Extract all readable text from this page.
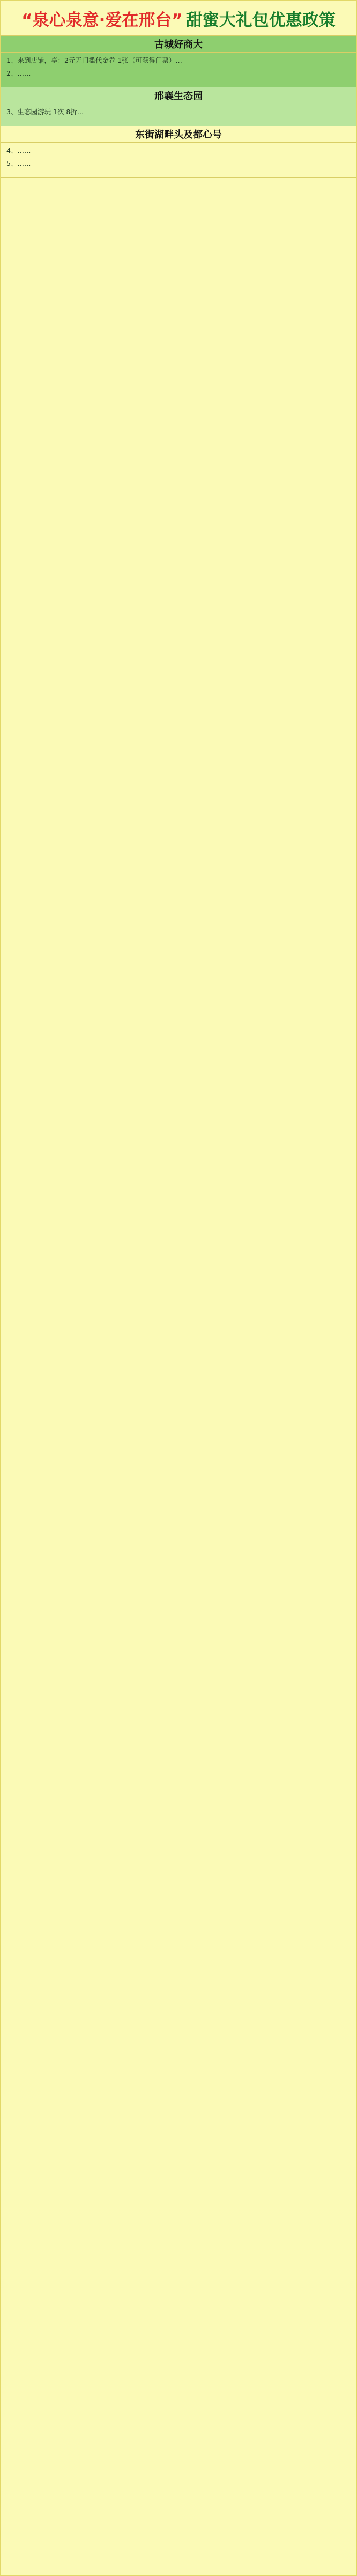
“泉心泉意·爱在邢台” 甜蜜大礼包优惠政策
古城好商大
1、来到店铺，享：2元无门槛代金卷 1张（可获得门票）…
2、……
邢襄生态园
3、生态园游玩 1次 8折…
东街湖畔头及都心号
4、……
5、……
